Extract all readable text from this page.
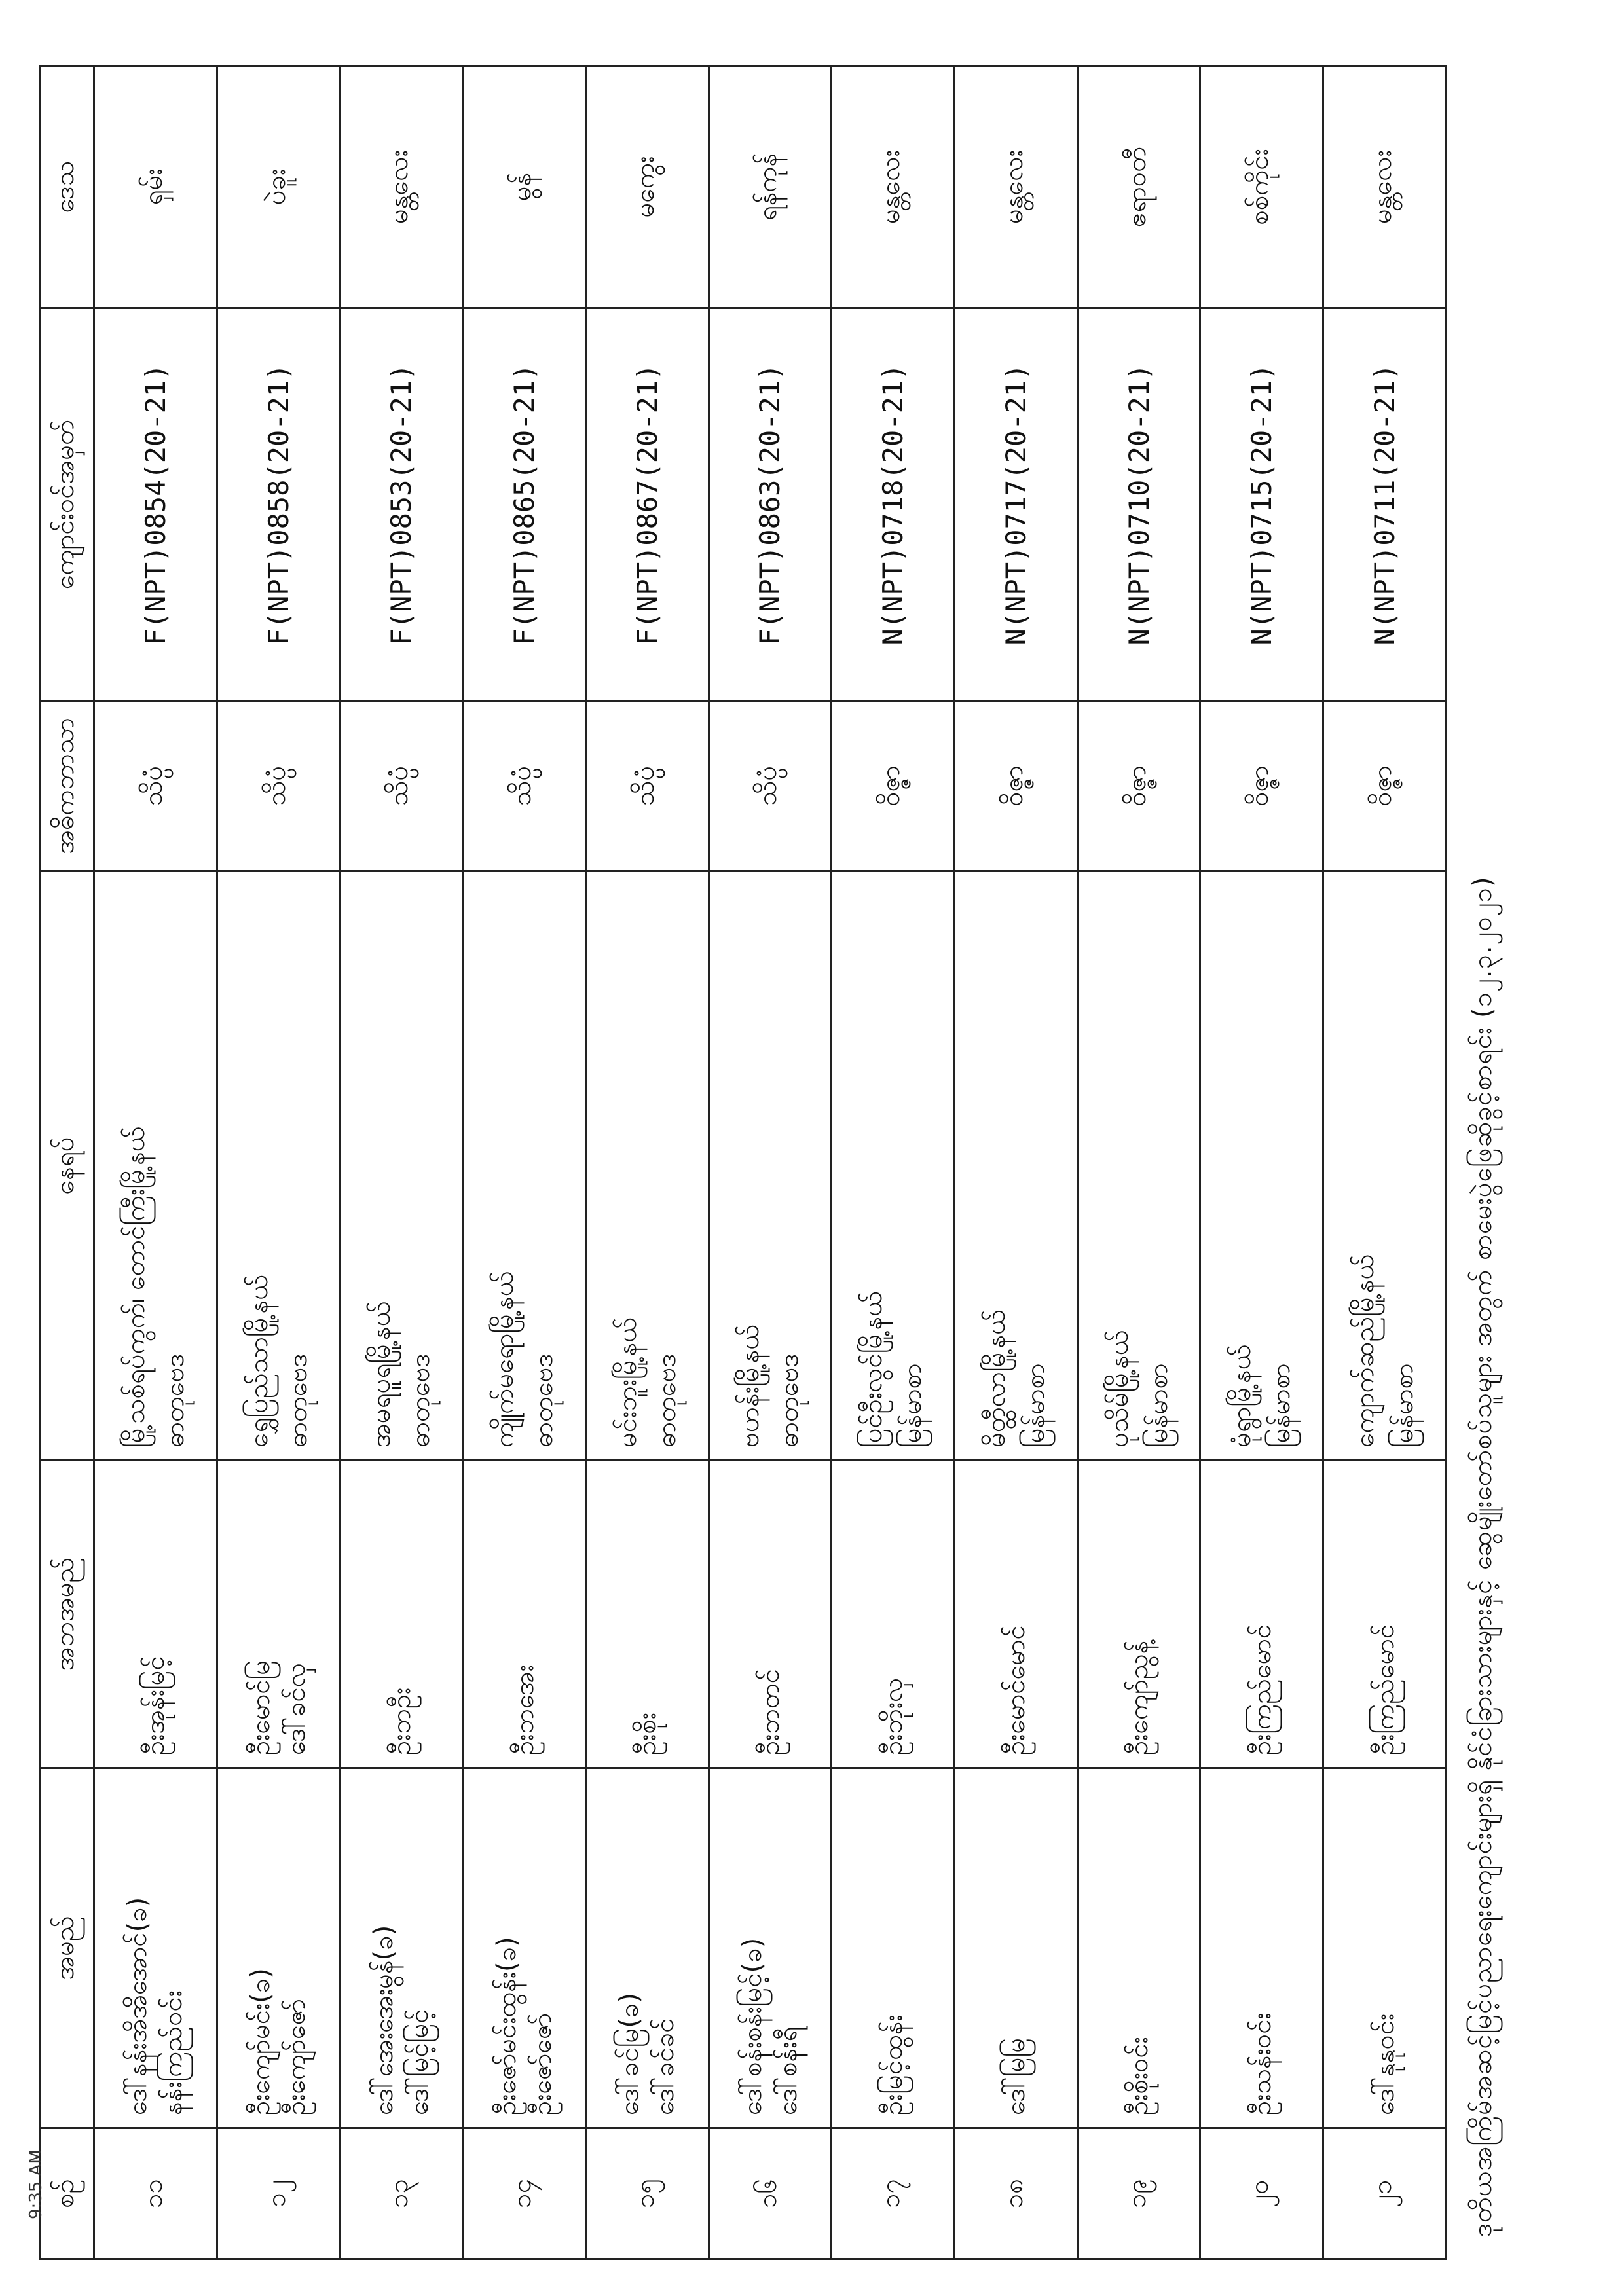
စဉ်	အမည်	အဘအမည်	နေရပ်	အဓိကဘာသာ	ကျောင်းဝင်အမှတ်	ဒေသ
၁၁	ဒေါ်နန်းအိအိအောင်(ခ) နန်းကြည်ဝင်း	ဦးအုန်းမြင့်	မြို့သစ်ရပ်ကွက်၊ တောင်ကြီးမြို့နယ် ဓာတုဗေဒ	သိပ္ပံ	F(NPT)0854(20-21)	ရှမ်း
၁၂	ဦးကျော်မင်း(ခ) ဦးကျော်ဇော်	ဦးမောင်မြ ဒေါ်ခင်လှ	ရွှေပြည်သာမြို့နယ် ဓာတုဗေဒ	သိပ္ပံ	F(NPT)0858(20-21)	ပဲခူး
၁၃	ဒေါ်အေးအေးမွန်(ခ) ဒေါ်မြင့်မြင့်	ဦးဘဦး	အမရပူရမြို့နယ် ဓာတုဗေဒ	သိပ္ပံ	F(NPT)0853(20-21)	မန္တလေး
၁၄	ဦးဇော်မင်းထွန်း(ခ) ဦးဇော်ဇော်	ဦးဘအေး	ကျိုက်မရောမြို့နယ် ဓာတုဗေဒ	သိပ္ပံ	F(NPT)0865(20-21)	မွန်
၁၅	ဒေါ်ခင်မြ(ခ) ဒေါ်ခင်ခင်	ဦးစိုး	မင်းဘူးမြို့နယ် ဓာတုဗေဒ	သိပ္ပံ	F(NPT)0867(20-21)	မကွေး
၁၆	ဒေါ်စန်းစန်းမြင့်(ခ) ဒေါ်စန်းရီ	ဦးဘတင်	ဗဟန်းမြို့နယ် ဓာတုဗေဒ	သိပ္ပံ	F(NPT)0863(20-21)	ရန်ကုန်
၁၇	ဦးမြင့်ထွန်း	ဦးဘိုးလှ	ပြင်ဦးလွင်မြို့နယ် မြန်မာစာ	ဝိဇ္ဇာ	N(NPT)0718(20-21)	မန္တလေး
၁၈	ဒေါ်မြမြ	ဦးမောင်မောင်	မိတ္ထီလာမြို့နယ် မြန်မာစာ	ဝိဇ္ဇာ	N(NPT)0717(20-21)	မန္တလေး
၁၉	ဦးစိုးဝင်း	ဦးကျော်ညွန့်	ပုသိမ်မြို့နယ် မြန်မာစာ	ဝိဇ္ဇာ	N(NPT)0710(20-21)	ဧရာဝတီ
၂၀	ဦးသန်းဝင်း	ဦးကြည်မောင်	မုံရွာမြို့နယ် မြန်မာစာ	ဝိဇ္ဇာ	N(NPT)0715(20-21)	စစ်ကိုင်း
၂၁	ဒေါ်နုနုဝင်း	ဦးကြည်မောင်	ကျောက်ဆည်မြို့နယ် မြန်မာစာ	ဝိဇ္ဇာ	N(NPT)0711(20-21)	မန္တလေး
ဒုတိယအကြိမ်အဆင့်မြင့်ပညာရေးကျောင်းများရှိ နိုင်ငံခြားသားများနှင့် ဆွေမျိုးတော်စပ်သူများ အတွက် စာမေးပွဲဖြေဆိုခွင့်စာရင်း (၁၂.၃.၂၀၂၁)
9:35 AM
